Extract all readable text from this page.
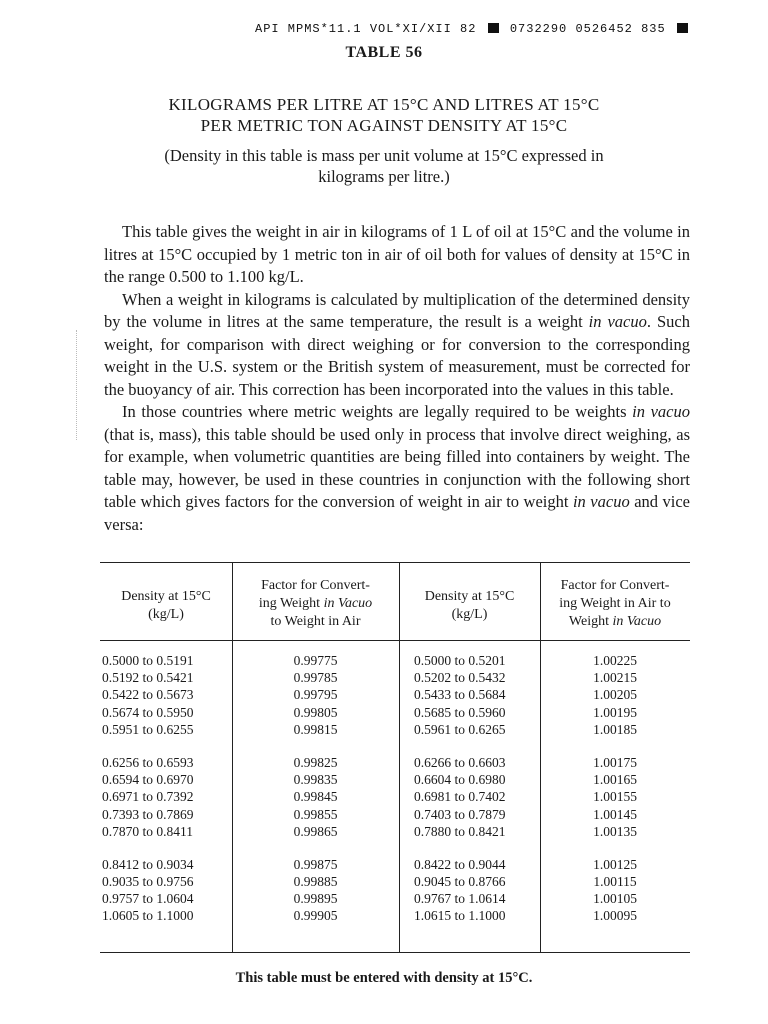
API MPMS*11.1 VOL*XI/XII 82	0732290 0526452 835
TABLE 56
KILOGRAMS PER LITRE AT 15°C AND LITRES AT 15°C
PER METRIC TON AGAINST DENSITY AT 15°C
(Density in this table is mass per unit volume at 15°C expressed in
kilograms per litre.)

This table gives the weight in air in kilograms of 1 L of oil at 15°C and the volume in litres at 15°C occupied by 1 metric ton in air of oil both for values of density at 15°C in the range 0.500 to 1.100 kg/L.

When a weight in kilograms is calculated by multiplication of the determined density by the volume in litres at the same temperature, the result is a weight in vacuo. Such weight, for comparison with direct weighing or for conversion to the corresponding weight in the U.S. system or the British system of measurement, must be corrected for the buoyancy of air. This correction has been incorporated into the values in this table.

In those countries where metric weights are legally required to be weights in vacuo (that is, mass), this table should be used only in process that involve direct weighing, as for example, when volumetric quantities are being filled into containers by weight. The table may, however, be used in these countries in conjunction with the following short table which gives factors for the conversion of weight in air to weight in vacuo and vice versa:

Density at 15°C
(kg/L)
Factor for Convert-
ing Weight in Vacuo
to Weight in Air
Density at 15°C
(kg/L)
Factor for Convert-
ing Weight in Air to
Weight in Vacuo
0.5000 to 0.5191
0.5192 to 0.5421
0.5422 to 0.5673
0.5674 to 0.5950
0.5951 to 0.6255
0.6256 to 0.6593
0.6594 to 0.6970
0.6971 to 0.7392
0.7393 to 0.7869
0.7870 to 0.8411
0.8412 to 0.9034
0.9035 to 0.9756
0.9757 to 1.0604
1.0605 to 1.1000
0.99775
0.99785
0.99795
0.99805
0.99815
0.99825
0.99835
0.99845
0.99855
0.99865
0.99875
0.99885
0.99895
0.99905
0.5000 to 0.5201
0.5202 to 0.5432
0.5433 to 0.5684
0.5685 to 0.5960
0.5961 to 0.6265
0.6266 to 0.6603
0.6604 to 0.6980
0.6981 to 0.7402
0.7403 to 0.7879
0.7880 to 0.8421
0.8422 to 0.9044
0.9045 to 0.8766
0.9767 to 1.0614
1.0615 to 1.1000
1.00225
1.00215
1.00205
1.00195
1.00185
1.00175
1.00165
1.00155
1.00145
1.00135
1.00125
1.00115
1.00105
1.00095
This table must be entered with density at 15°C.
